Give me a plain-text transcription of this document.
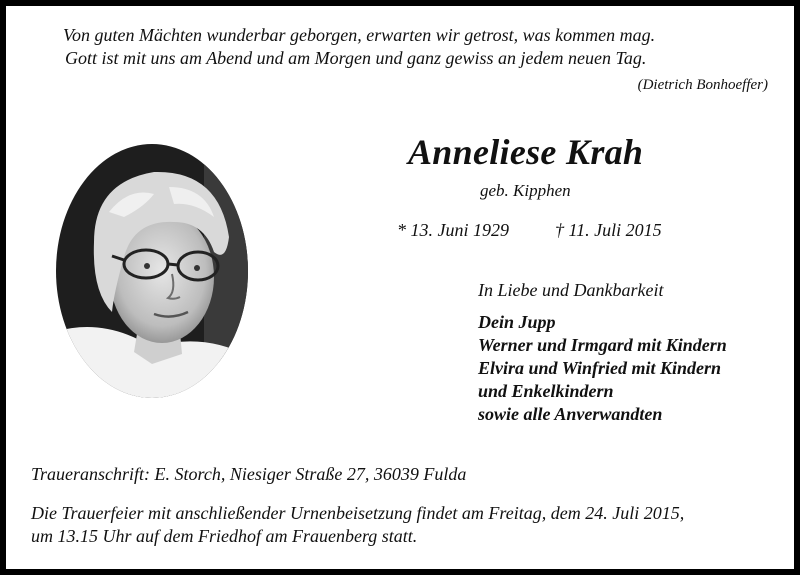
Von guten Mächten wunderbar geborgen, erwarten wir getrost, was kommen mag.
Gott ist mit uns am Abend und am Morgen und ganz gewiss an jedem neuen Tag.
(Dietrich Bonhoeffer)
Anneliese Krah
geb. Kipphen
* 13. Juni 1929	† 11. Juli 2015
In Liebe und Dankbarkeit
Dein Jupp
Werner und Irmgard mit Kindern
Elvira und Winfried mit Kindern
und Enkelkindern
sowie alle Anverwandten
Traueranschrift: E. Storch, Niesiger Straße 27, 36039 Fulda
Die Trauerfeier mit anschließender Urnenbeisetzung findet am Freitag, dem 24. Juli 2015,
um 13.15 Uhr auf dem Friedhof am Frauenberg statt.
